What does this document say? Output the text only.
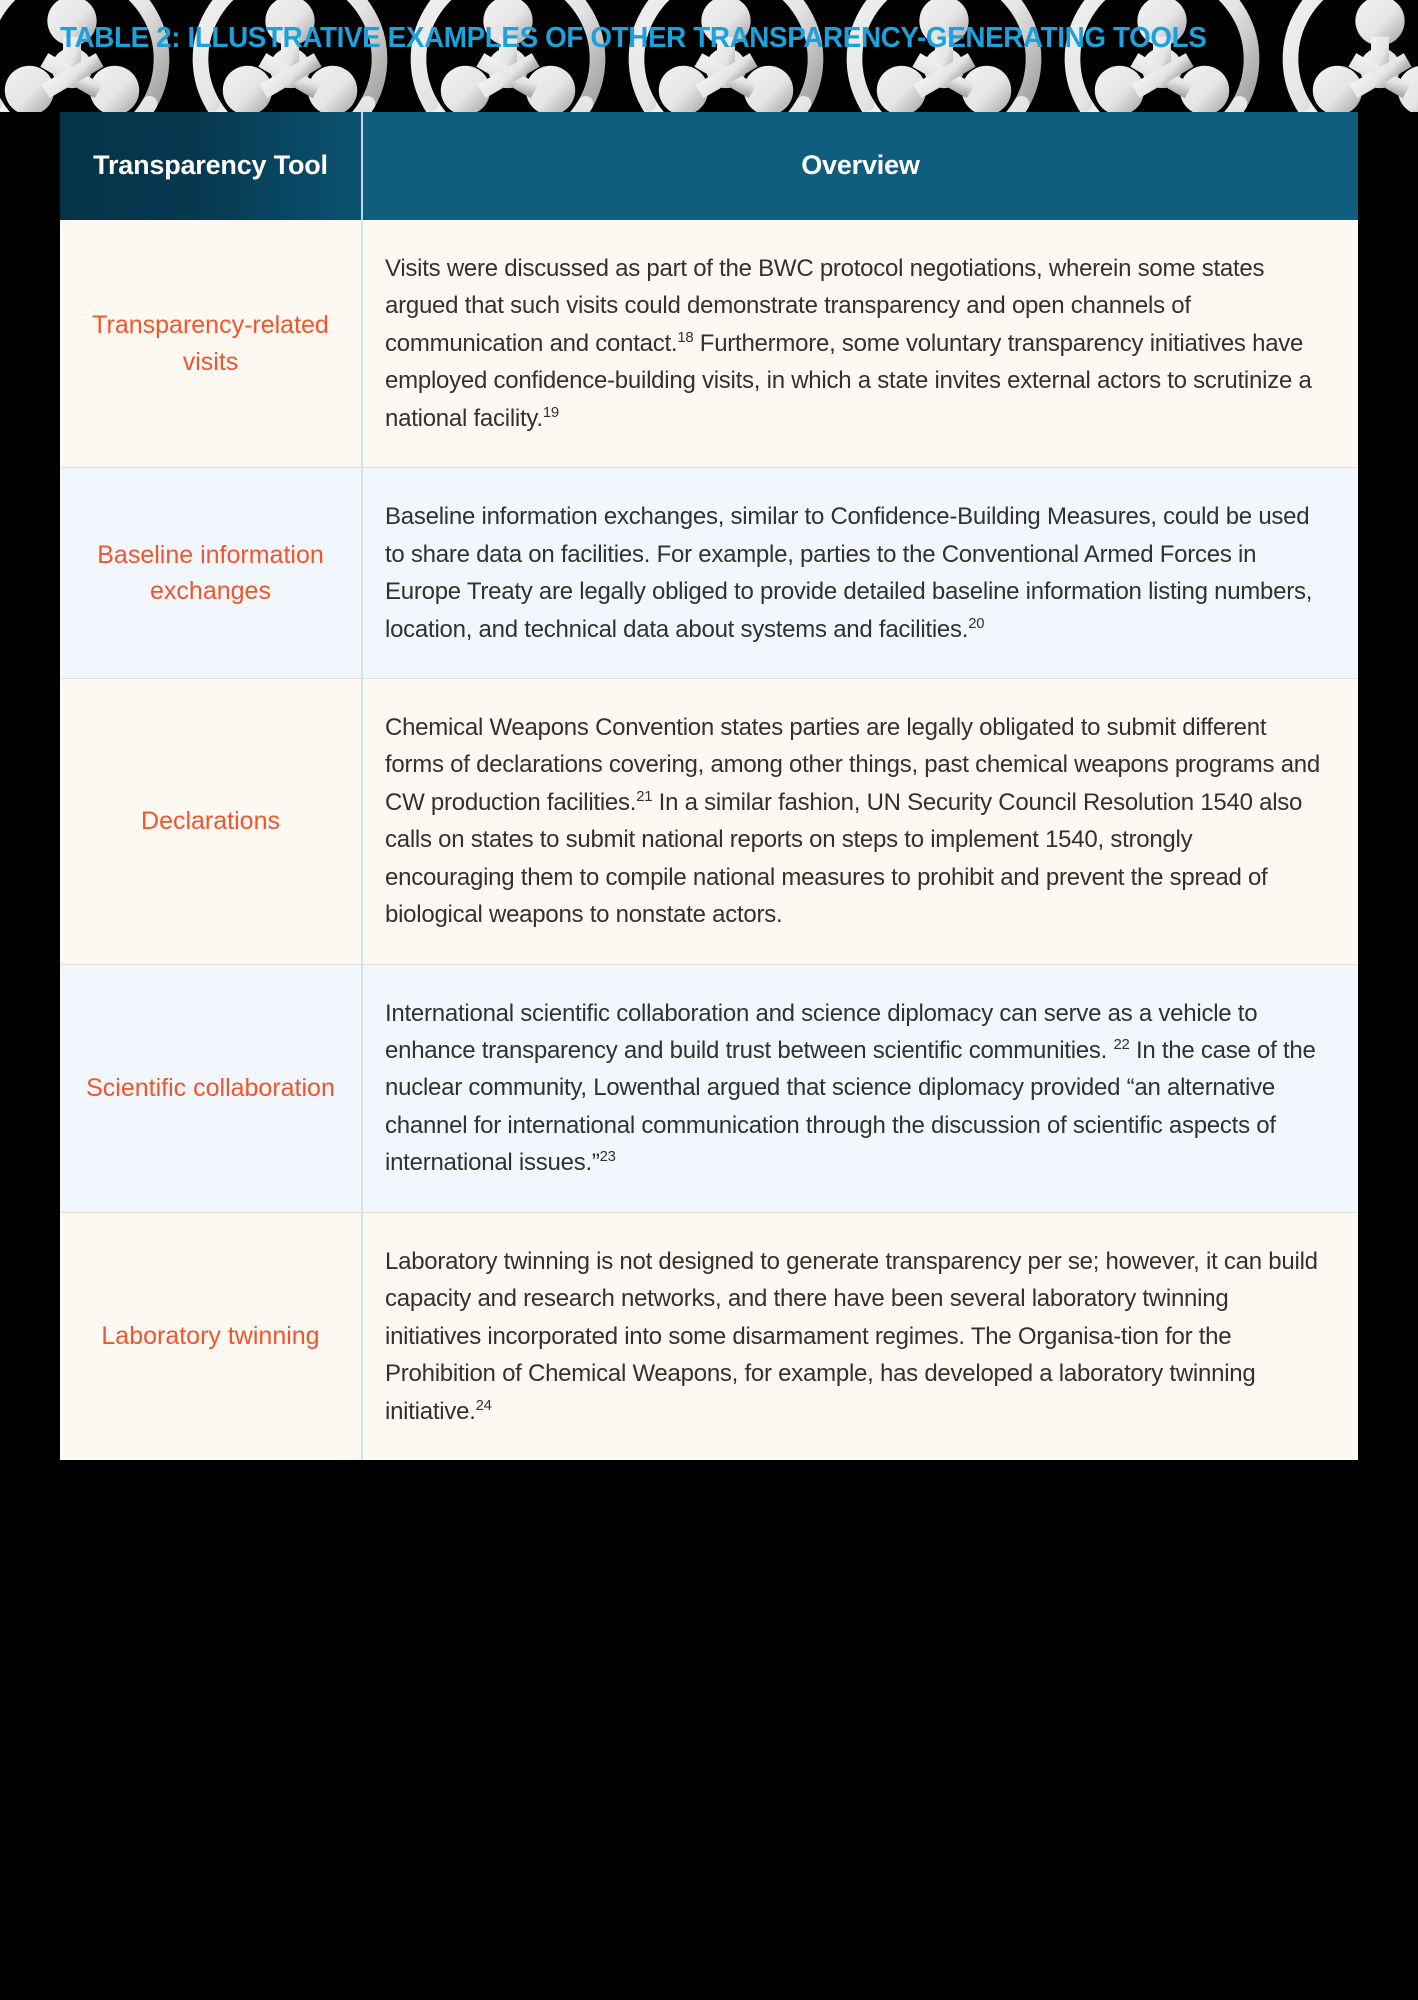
TABLE 2: ILLUSTRATIVE EXAMPLES OF OTHER TRANSPARENCY-GENERATING TOOLS
Transparency Tool	Overview
Transparency-related visits	Visits were discussed as part of the BWC protocol negotiations, wherein some states argued that such visits could demonstrate transparency and open channels of communication and contact.$^{18}$ Furthermore, some voluntary transparency initiatives have employed confidence-building visits, in which a state invites external actors to scrutinize a national facility.$^{19}$
Baseline information exchanges	Baseline information exchanges, similar to Confidence-Building Measures, could be used to share data on facilities. For example, parties to the Conventional Armed Forces in Europe Treaty are legally obliged to provide detailed baseline information listing numbers, location, and technical data about systems and facilities.$^{20}$
Declarations	Chemical Weapons Convention states parties are legally obligated to submit different forms of declarations covering, among other things, past chemical weapons programs and CW production facilities.$^{21}$ In a similar fashion, UN Security Council Resolution 1540 also calls on states to submit national reports on steps to implement 1540, strongly encouraging them to compile national measures to prohibit and prevent the spread of biological weapons to nonstate actors.
Scientific collaboration	International scientific collaboration and science diplomacy can serve as a vehicle to enhance transparency and build trust between scientific communities. $^{22}$ In the case of the nuclear community, Lowenthal argued that science diplomacy provided “an alternative channel for international communication through the discussion of scientific aspects of international issues.”$^{23}$
Laboratory twinning	Laboratory twinning is not designed to generate transparency per se; however, it can build capacity and research networks, and there have been several laboratory twinning initiatives incorporated into some disarmament regimes. The Organisa-tion for the Prohibition of Chemical Weapons, for example, has developed a laboratory twinning initiative.$^{24}$
